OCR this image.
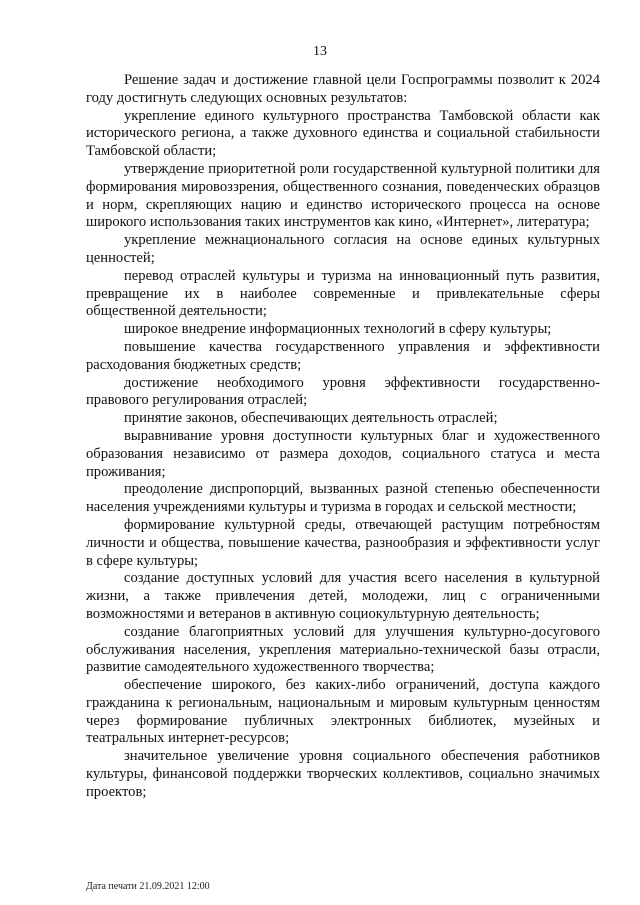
13

Решение задач и достижение главной цели Госпрограммы позволит к 2024 году достигнуть следующих основных результатов:

укрепление единого культурного пространства Тамбовской области как исторического региона, а также духовного единства и социальной стабильности Тамбовской области;

утверждение приоритетной роли государственной культурной политики для формирования мировоззрения, общественного сознания, поведенческих образцов и норм, скрепляющих нацию и единство исторического процесса на основе широкого использования таких инструментов как кино, «Интернет», литература;

укрепление межнационального согласия на основе единых культурных ценностей;

перевод отраслей культуры и туризма на инновационный путь развития, превращение их в наиболее современные и привлекательные сферы общественной деятельности;

широкое внедрение информационных технологий в сферу культуры;

повышение качества государственного управления и эффективности расходования бюджетных средств;

достижение необходимого уровня эффективности государственно-правового регулирования отраслей;

принятие законов, обеспечивающих деятельность отраслей;

выравнивание уровня доступности культурных благ и художественного образования независимо от размера доходов, социального статуса и места проживания;

преодоление диспропорций, вызванных разной степенью обеспеченности населения учреждениями культуры и туризма в городах и сельской местности;

формирование культурной среды, отвечающей растущим потребностям личности и общества, повышение качества, разнообразия и эффективности услуг в сфере культуры;

создание доступных условий для участия всего населения в культурной жизни, а также привлечения детей, молодежи, лиц с ограниченными возможностями и ветеранов в активную социокультурную деятельность;

создание благоприятных условий для улучшения культурно-досугового обслуживания населения, укрепления материально-технической базы отрасли, развитие самодеятельного художественного творчества;

обеспечение широкого, без каких-либо ограничений, доступа каждого гражданина к региональным, национальным и мировым культурным ценностям через формирование публичных электронных библиотек, музейных и театральных интернет-ресурсов;

значительное увеличение уровня социального обеспечения работников культуры, финансовой поддержки творческих коллективов, социально значимых проектов;

Дата печати 21.09.2021 12:00
